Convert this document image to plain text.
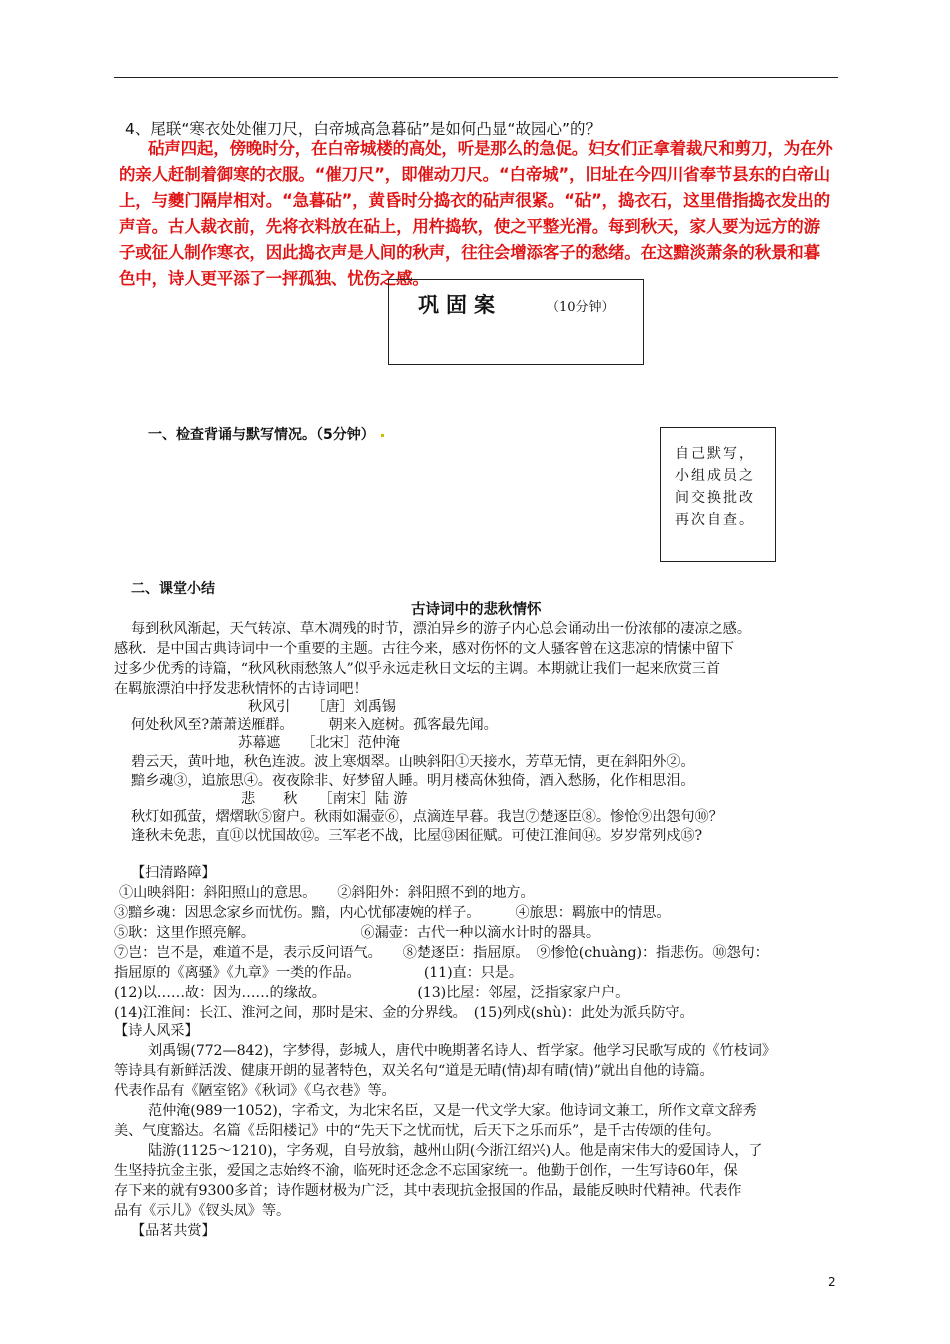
4、尾联“寒衣处处催刀尺，白帝城高急暮砧”是如何凸显“故园心”的？
砧声四起，傍晚时分，在白帝城楼的高处，听是那么的急促。妇女们正拿着裁尺和剪刀，为在外
的亲人赶制着御寒的衣服。“催刀尺”，即催动刀尺。“白帝城”，旧址在今四川省奉节县东的白帝山
上，与夔门隔岸相对。“急暮砧”，黄昏时分捣衣的砧声很紧。“砧”，捣衣石，这里借指捣衣发出的
声音。古人裁衣前，先将衣料放在砧上，用杵捣软，使之平整光滑。每到秋天，家人要为远方的游
子或征人制作寒衣，因此捣衣声是人间的秋声，往往会增添客子的愁绪。在这黯淡萧条的秋景和暮
色中，诗人更平添了一抨孤独、忧伤之感。
巩固案	（10分钟）
一、检查背诵与默写情况。（5分钟）
自己默写，
小组成员之
间交换批改
再次自查。
二、课堂小结
古诗词中的悲秋情怀
每到秋风渐起，天气转凉、草木凋残的时节，漂泊异乡的游子内心总会诵动出一份浓郁的凄凉之感。
感秋．是中国古典诗词中一个重要的主题。古往今来，感对伤怀的文人骚客曾在这悲凉的情愫中留下
过多少优秀的诗篇，“秋风秋雨愁煞人”似乎永远走秋日文坛的主调。本期就让我们一起来欣赏三首
在羁旅漂泊中抒发悲秋情怀的古诗词吧！
秋风引　　［唐］刘禹锡
何处秋风至?萧萧送雁群。　　　朝来入庭树。孤客最先闻。
苏幕遮　　［北宋］范仲淹
碧云天，黄叶地，秋色连波。波上寒烟翠。山映斜阳①天接水，芳草无情，更在斜阳外②。
黯乡魂③，追旅思④。夜夜除非、好梦留人睡。明月楼高休独倚，酒入愁肠，化作相思泪。
悲　　秋　　［南宋］陆 游
秋灯如孤萤，熠熠耿⑤窗户。秋雨如漏壶⑥，点滴连早暮。我岂⑦楚逐臣⑧。惨怆⑨出怨句⑩？
逢秋未免悲，直⑪以忧国故⑫。三军老不战，比屋⑬困征赋。可使江淮间⑭。岁岁常列戍⑮?
【扫清路障】
①山映斜阳：斜阳照山的意思。　　②斜阳外：斜阳照不到的地方。
③黯乡魂：因思念家乡而忧伤。黯，内心忧郁凄婉的样子。　　　④旅思：羁旅中的情思。
⑤耿：这里作照亮解。　　　　　　　　⑥漏壶：古代一种以滴水计时的器具。
⑦岂：岂不是，难道不是，表示反问语气。　　⑧楚逐臣：指屈原。　⑨惨怆(chuàng)：指悲伤。⑩怨句：
指屈原的《离骚》《九章》一类的作品。　　　　　(11)直：只是。
(12)以……故：因为……的缘故。　　　　　　　(13)比屋：邻屋，泛指家家户户。
(14)江淮间：长江、淮河之间，那时是宋、金的分界线。　(15)列戍(shù)：此处为派兵防守。
【诗人风采】
刘禹锡(772—842)，字梦得，彭城人，唐代中晚期著名诗人、哲学家。他学习民歌写成的《竹枝词》
等诗具有新鲜活泼、健康开朗的显著特色，双关名句“道是无晴(情)却有晴(情)”就出自他的诗篇。
代表作品有《陋室铭》《秋词》《乌衣巷》等。
范仲淹(989一1052)，字希文，为北宋名臣，又是一代文学大家。他诗词文兼工，所作文章文辞秀
美、气度豁达。名篇《岳阳楼记》中的“先天下之忧而忧，后天下之乐而乐”，是千古传颂的佳句。
陆游(1125～1210)，字务观，自号放翁，越州山阴(今浙江绍兴)人。他是南宋伟大的爱国诗人，了
生坚持抗金主张，爱国之志始终不渝，临死时还念念不忘国家统一。他勤于创作，一生写诗60年，保
存下来的就有9300多首；诗作题材极为广泛，其中表现抗金报国的作品，最能反映时代精神。代表作
品有《示儿》《钗头凤》等。
【品茗共赏】
2
